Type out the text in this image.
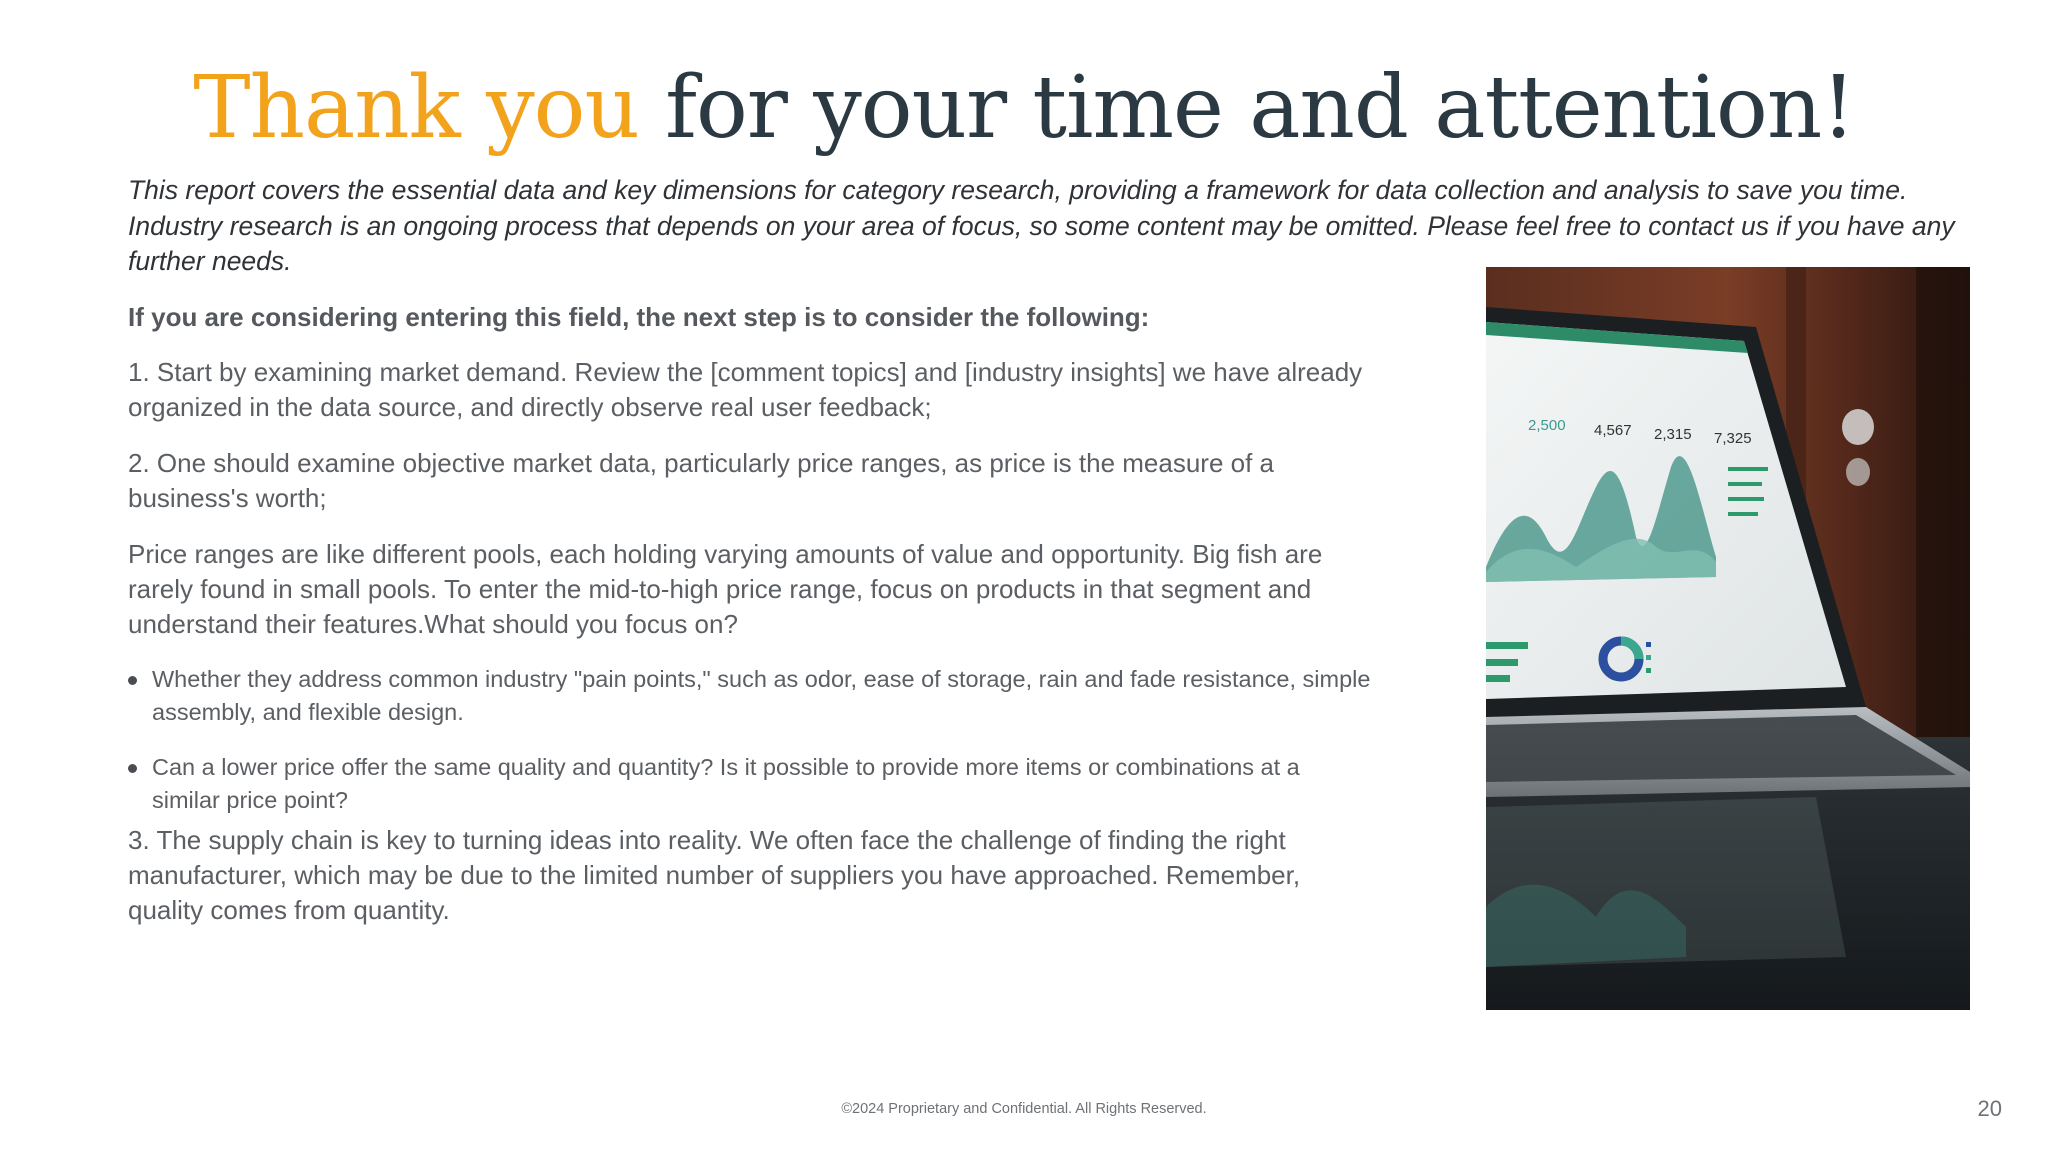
Thank you for your time and attention!

This report covers the essential data and key dimensions for category research, providing a framework for data collection and analysis to save you time. Industry research is an ongoing process that depends on your area of focus, so some content may be omitted. Please feel free to contact us if you have any further needs.

If you are considering entering this field, the next step is to consider the following:

1. Start by examining market demand. Review the [comment topics] and [industry insights] we have already organized in the data source, and directly observe real user feedback;

2. One should examine objective market data, particularly price ranges, as price is the measure of a business's worth;

Price ranges are like different pools, each holding varying amounts of value and opportunity. Big fish are rarely found in small pools. To enter the mid-to-high price range, focus on products in that segment and understand their features.What should you focus on?

Whether they address common industry "pain points," such as odor, ease of storage, rain and fade resistance, simple assembly, and flexible design.
Can a lower price offer the same quality and quantity? Is it possible to provide more items or combinations at a similar price point?

3. The supply chain is key to turning ideas into reality. We often face the challenge of finding the right manufacturer, which may be due to the limited number of suppliers you have approached. Remember, quality comes from quantity.

2,500 4,567 2,315 7,325
©2024 Proprietary and Confidential. All Rights Reserved.	20
